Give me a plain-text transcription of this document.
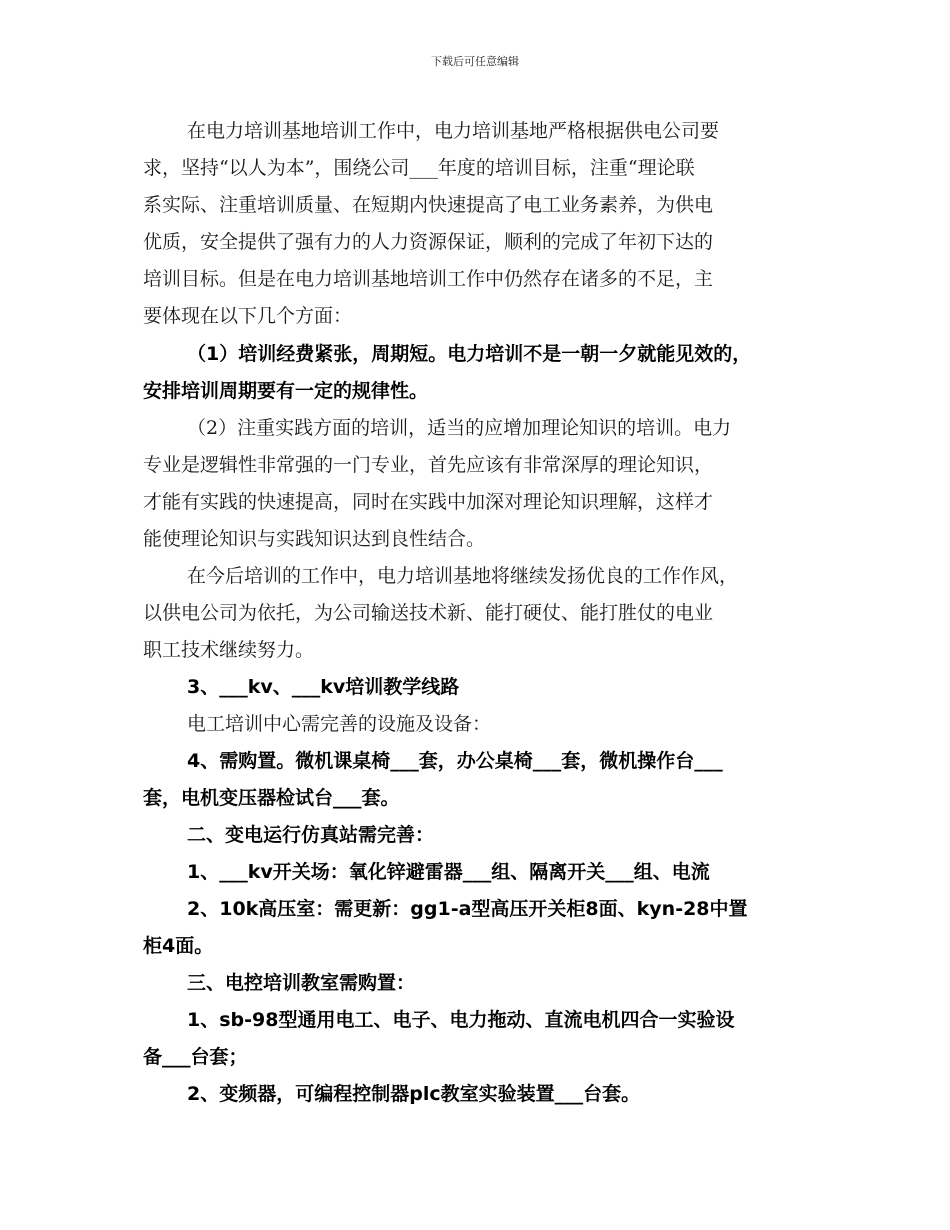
下载后可任意编辑
在电力培训基地培训工作中，电力培训基地严格根据供电公司要
求，坚持“以人为本”，围绕公司___年度的培训目标，注重“理论联
系实际、注重培训质量、在短期内快速提高了电工业务素养，为供电
优质，安全提供了强有力的人力资源保证，顺利的完成了年初下达的
培训目标。但是在电力培训基地培训工作中仍然存在诸多的不足，主
要体现在以下几个方面：
（1）培训经费紧张，周期短。电力培训不是一朝一夕就能见效的，
安排培训周期要有一定的规律性。
（2）注重实践方面的培训，适当的应增加理论知识的培训。电力
专业是逻辑性非常强的一门专业，首先应该有非常深厚的理论知识，
才能有实践的快速提高，同时在实践中加深对理论知识理解，这样才
能使理论知识与实践知识达到良性结合。
在今后培训的工作中，电力培训基地将继续发扬优良的工作作风，
以供电公司为依托，为公司输送技术新、能打硬仗、能打胜仗的电业
职工技术继续努力。
3、___kv、___kv培训教学线路
电工培训中心需完善的设施及设备：
4、需购置。微机课桌椅___套，办公桌椅___套，微机操作台___
套，电机变压器检试台___套。
二、变电运行仿真站需完善：
1、___kv开关场：氧化锌避雷器___组、隔离开关___组、电流
2、10k高压室：需更新：gg1-a型高压开关柜8面、kyn-28中置
柜4面。
三、电控培训教室需购置：
1、sb-98型通用电工、电子、电力拖动、直流电机四合一实验设
备___台套；
2、变频器，可编程控制器plc教室实验装置___台套。
